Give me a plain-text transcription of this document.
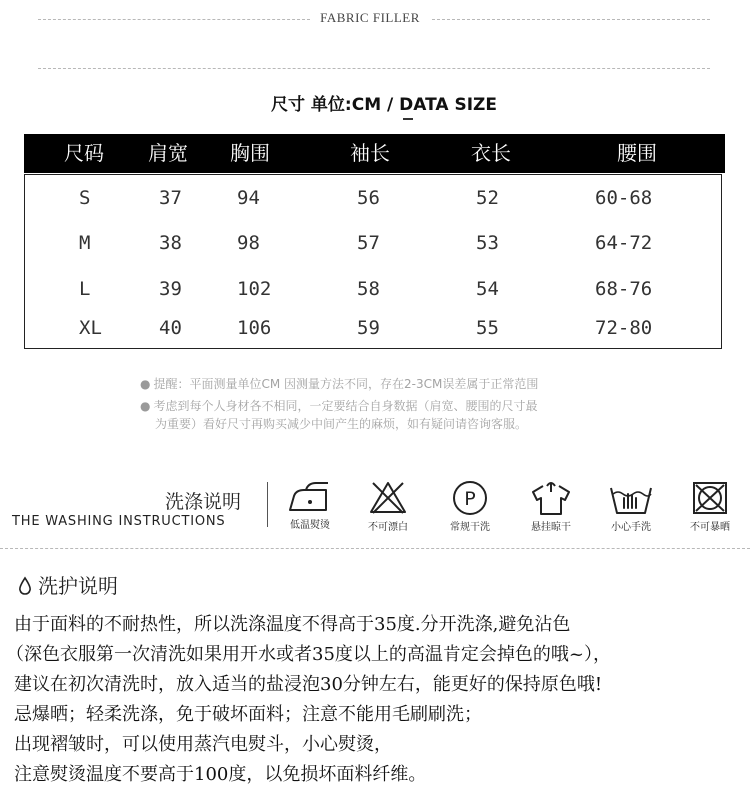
FABRIC FILLER
尺寸 单位:CM / DATA SIZE
尺码 肩宽 胸围	袖长	衣长	腰围
S	37	94	56	52	60-68
M	38	98	57	53	64-72
L	39	102	58	54	68-76
XL	40	106	59	55	72-80
● 提醒：平面测量单位CM 因测量方法不同，存在2-3CM误差属于正常范围
● 考虑到每个人身材各不相同，一定要结合自身数据（肩宽、腰围的尺寸最
为重要）看好尺寸再购买减少中间产生的麻烦，如有疑问请咨询客服。
洗涤说明
THE WASHING INSTRUCTIONS	低温熨烫	不可漂白
P
常规干洗	悬挂晾干	小心手洗	不可暴晒
洗护说明
由于面料的不耐热性，所以洗涤温度不得高于35度.分开洗涤,避免沾色
（深色衣服第一次清洗如果用开水或者35度以上的高温肯定会掉色的哦~），
建议在初次清洗时，放入适当的盐浸泡30分钟左右，能更好的保持原色哦!
忌爆晒；轻柔洗涤，免于破坏面料；注意不能用毛刷刷洗；
出现褶皱时，可以使用蒸汽电熨斗，小心熨烫，
注意熨烫温度不要高于100度，以免损坏面料纤维。
